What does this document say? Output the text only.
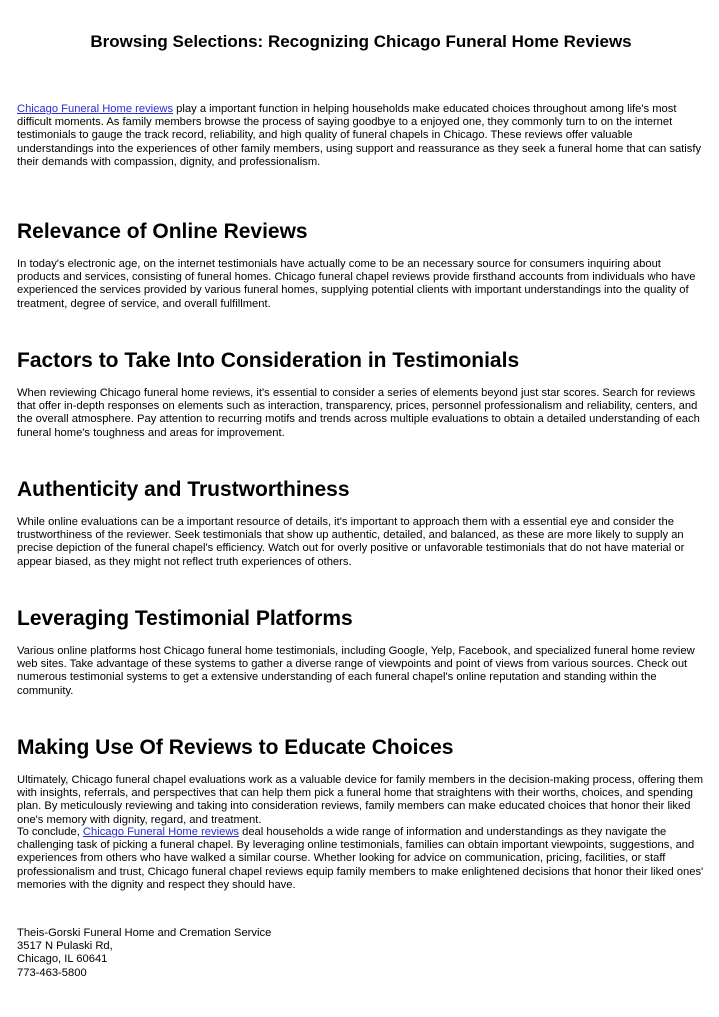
Browsing Selections: Recognizing Chicago Funeral Home Reviews

Chicago Funeral Home reviews play a important function in helping households make educated choices throughout among life's most difficult moments. As family members browse the process of saying goodbye to a enjoyed one, they commonly turn to on the internet testimonials to gauge the track record, reliability, and high quality of funeral chapels in Chicago. These reviews offer valuable understandings into the experiences of other family members, using support and reassurance as they seek a funeral home that can satisfy their demands with compassion, dignity, and professionalism.

Relevance of Online Reviews

In today's electronic age, on the internet testimonials have actually come to be an necessary source for consumers inquiring about products and services, consisting of funeral homes. Chicago funeral chapel reviews provide firsthand accounts from individuals who have experienced the services provided by various funeral homes, supplying potential clients with important understandings into the quality of treatment, degree of service, and overall fulfillment.

Factors to Take Into Consideration in Testimonials

When reviewing Chicago funeral home reviews, it's essential to consider a series of elements beyond just star scores. Search for reviews that offer in-depth responses on elements such as interaction, transparency, prices, personnel professionalism and reliability, centers, and the overall atmosphere. Pay attention to recurring motifs and trends across multiple evaluations to obtain a detailed understanding of each funeral home's toughness and areas for improvement.

Authenticity and Trustworthiness

While online evaluations can be a important resource of details, it's important to approach them with a essential eye and consider the trustworthiness of the reviewer. Seek testimonials that show up authentic, detailed, and balanced, as these are more likely to supply an precise depiction of the funeral chapel's efficiency. Watch out for overly positive or unfavorable testimonials that do not have material or appear biased, as they might not reflect truth experiences of others.

Leveraging Testimonial Platforms

Various online platforms host Chicago funeral home testimonials, including Google, Yelp, Facebook, and specialized funeral home review web sites. Take advantage of these systems to gather a diverse range of viewpoints and point of views from various sources. Check out numerous testimonial systems to get a extensive understanding of each funeral chapel's online reputation and standing within the community.

Making Use Of Reviews to Educate Choices

Ultimately, Chicago funeral chapel evaluations work as a valuable device for family members in the decision-making process, offering them with insights, referrals, and perspectives that can help them pick a funeral home that straightens with their worths, choices, and spending plan. By meticulously reviewing and taking into consideration reviews, family members can make educated choices that honor their liked one's memory with dignity, regard, and treatment.

To conclude, Chicago Funeral Home reviews deal households a wide range of information and understandings as they navigate the challenging task of picking a funeral chapel. By leveraging online testimonials, families can obtain important viewpoints, suggestions, and experiences from others who have walked a similar course. Whether looking for advice on communication, pricing, facilities, or staff professionalism and trust, Chicago funeral chapel reviews equip family members to make enlightened decisions that honor their liked ones' memories with the dignity and respect they should have.

Theis-Gorski Funeral Home and Cremation Service
3517 N Pulaski Rd,
Chicago, IL 60641
773-463-5800
